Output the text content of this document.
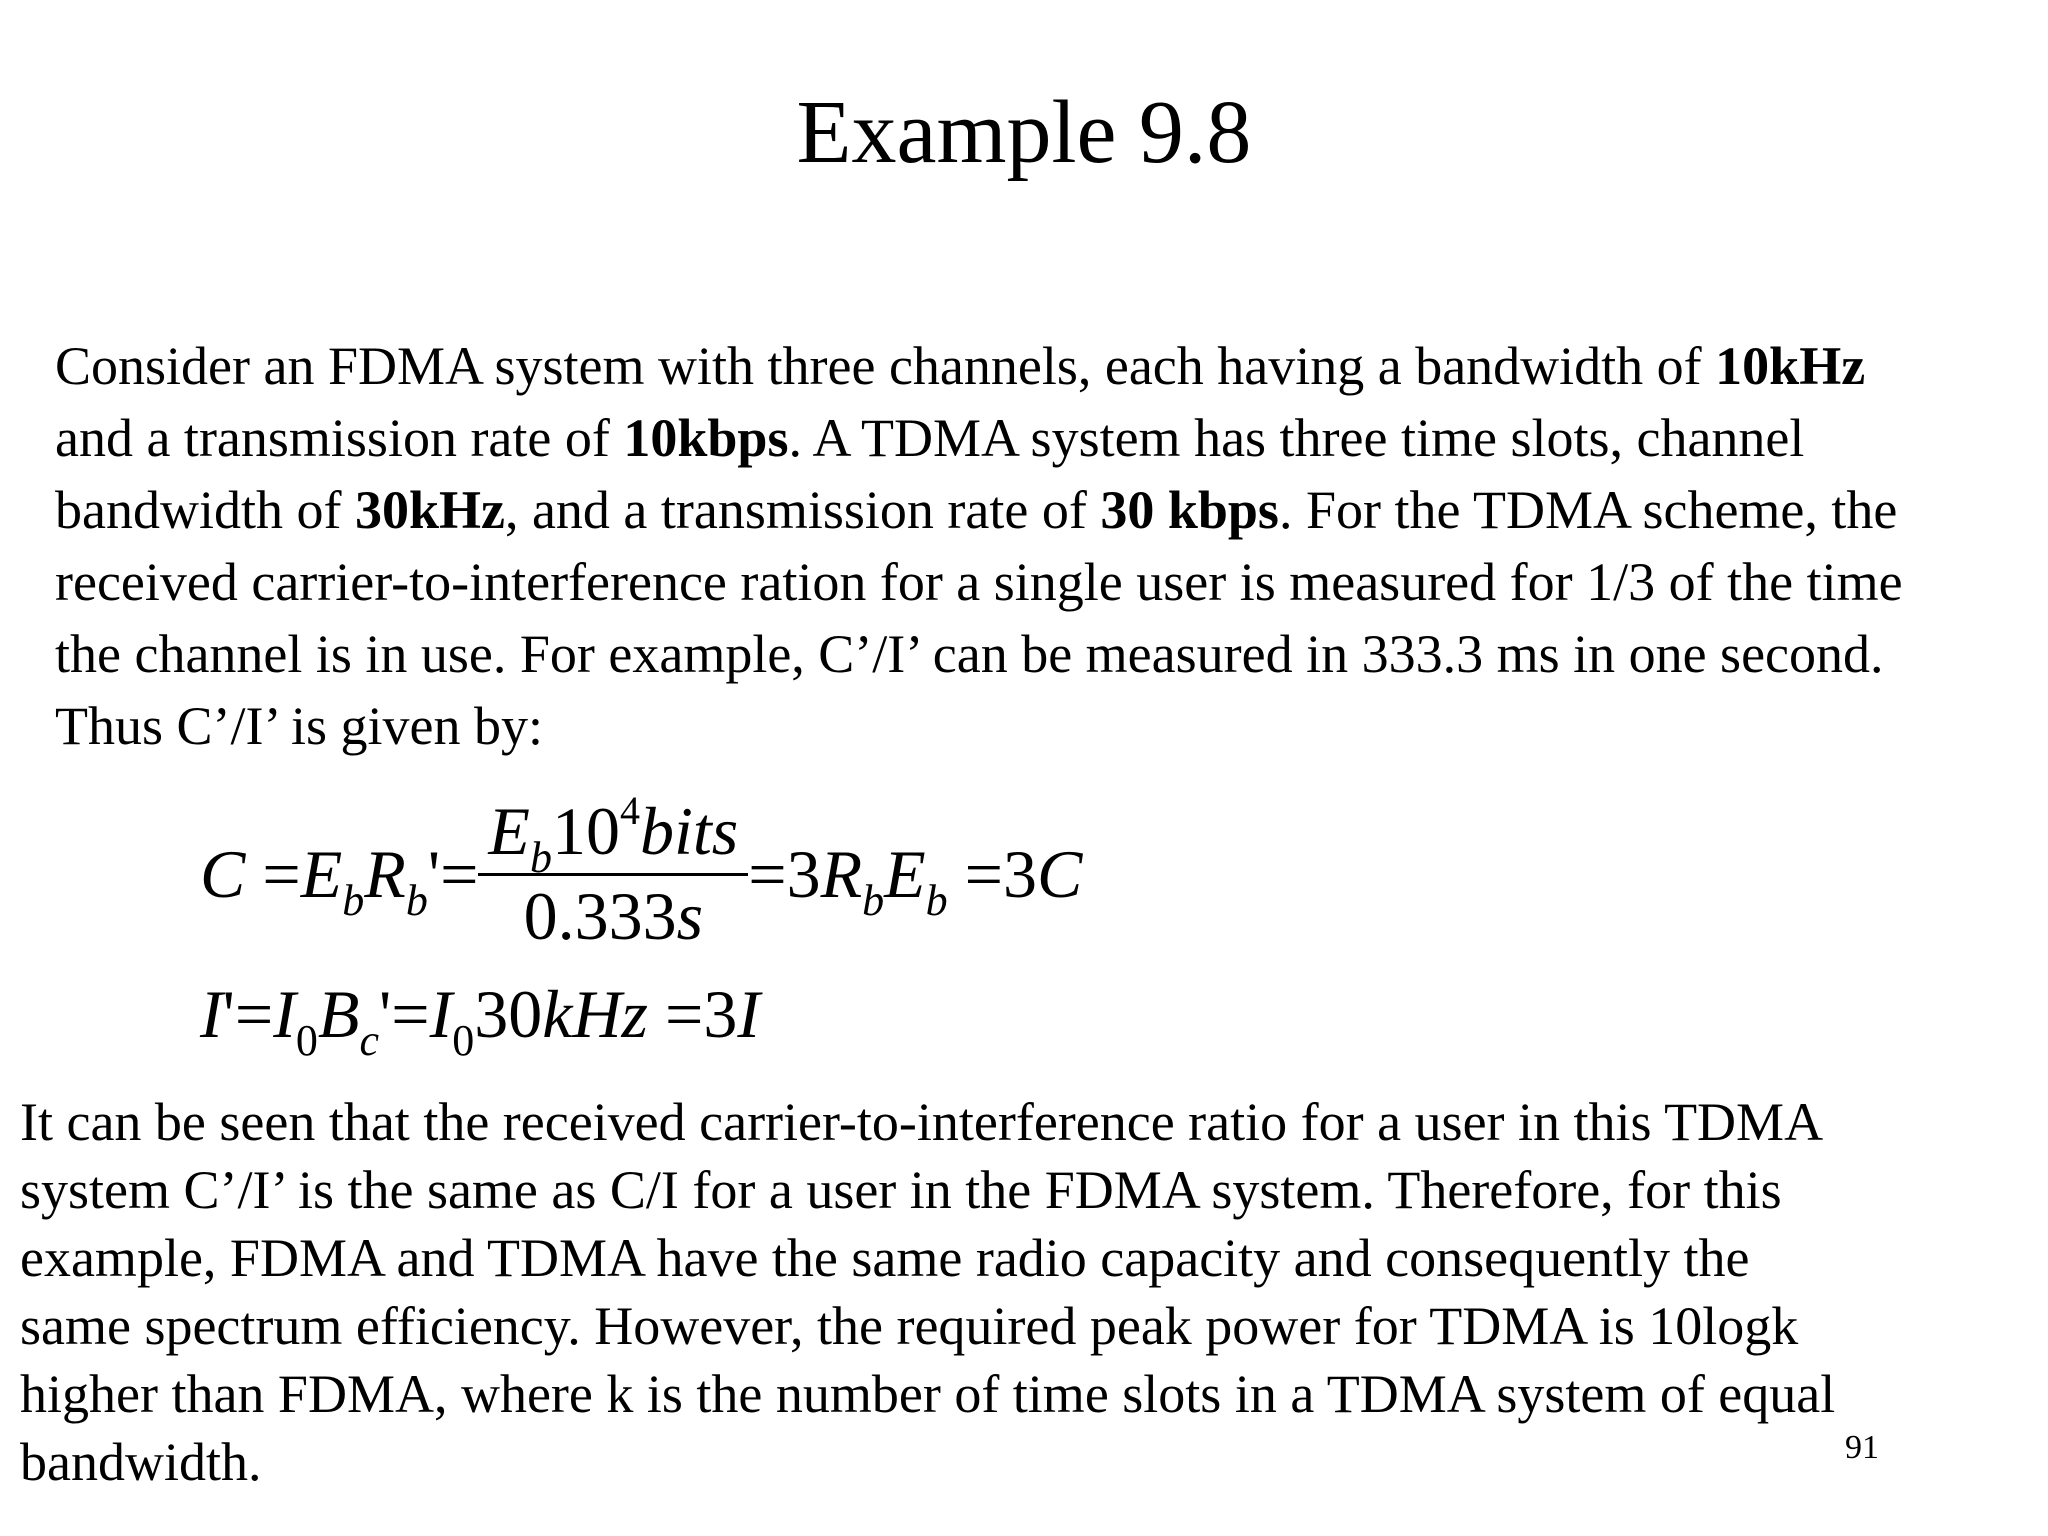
Example 9.8
Consider an FDMA system with three channels, each having a bandwidth of 10kHz
and a transmission rate of 10kbps. A TDMA system has three time slots, channel
bandwidth of 30kHz, and a transmission rate of 30 kbps. For the TDMA scheme, the
received carrier-to-interference ration for a single user is measured for 1/3 of the time
the channel is in use. For example, C’/I’ can be measured in 333.3 ms in one second.
Thus C’/I’ is given by:
$C =E_bR_b'= \frac{E_b10^4bits}{0.333s} =3R_bE_b =3C$
$I'=I_0B_c'=I_030kHz =3I$
It can be seen that the received carrier-to-interference ratio for a user in this TDMA
system C’/I’ is the same as C/I for a user in the FDMA system. Therefore, for this
example, FDMA and TDMA have the same radio capacity and consequently the
same spectrum efficiency. However, the required peak power for TDMA is 10logk
higher than FDMA, where k is the number of time slots in a TDMA system of equal
bandwidth.	91
